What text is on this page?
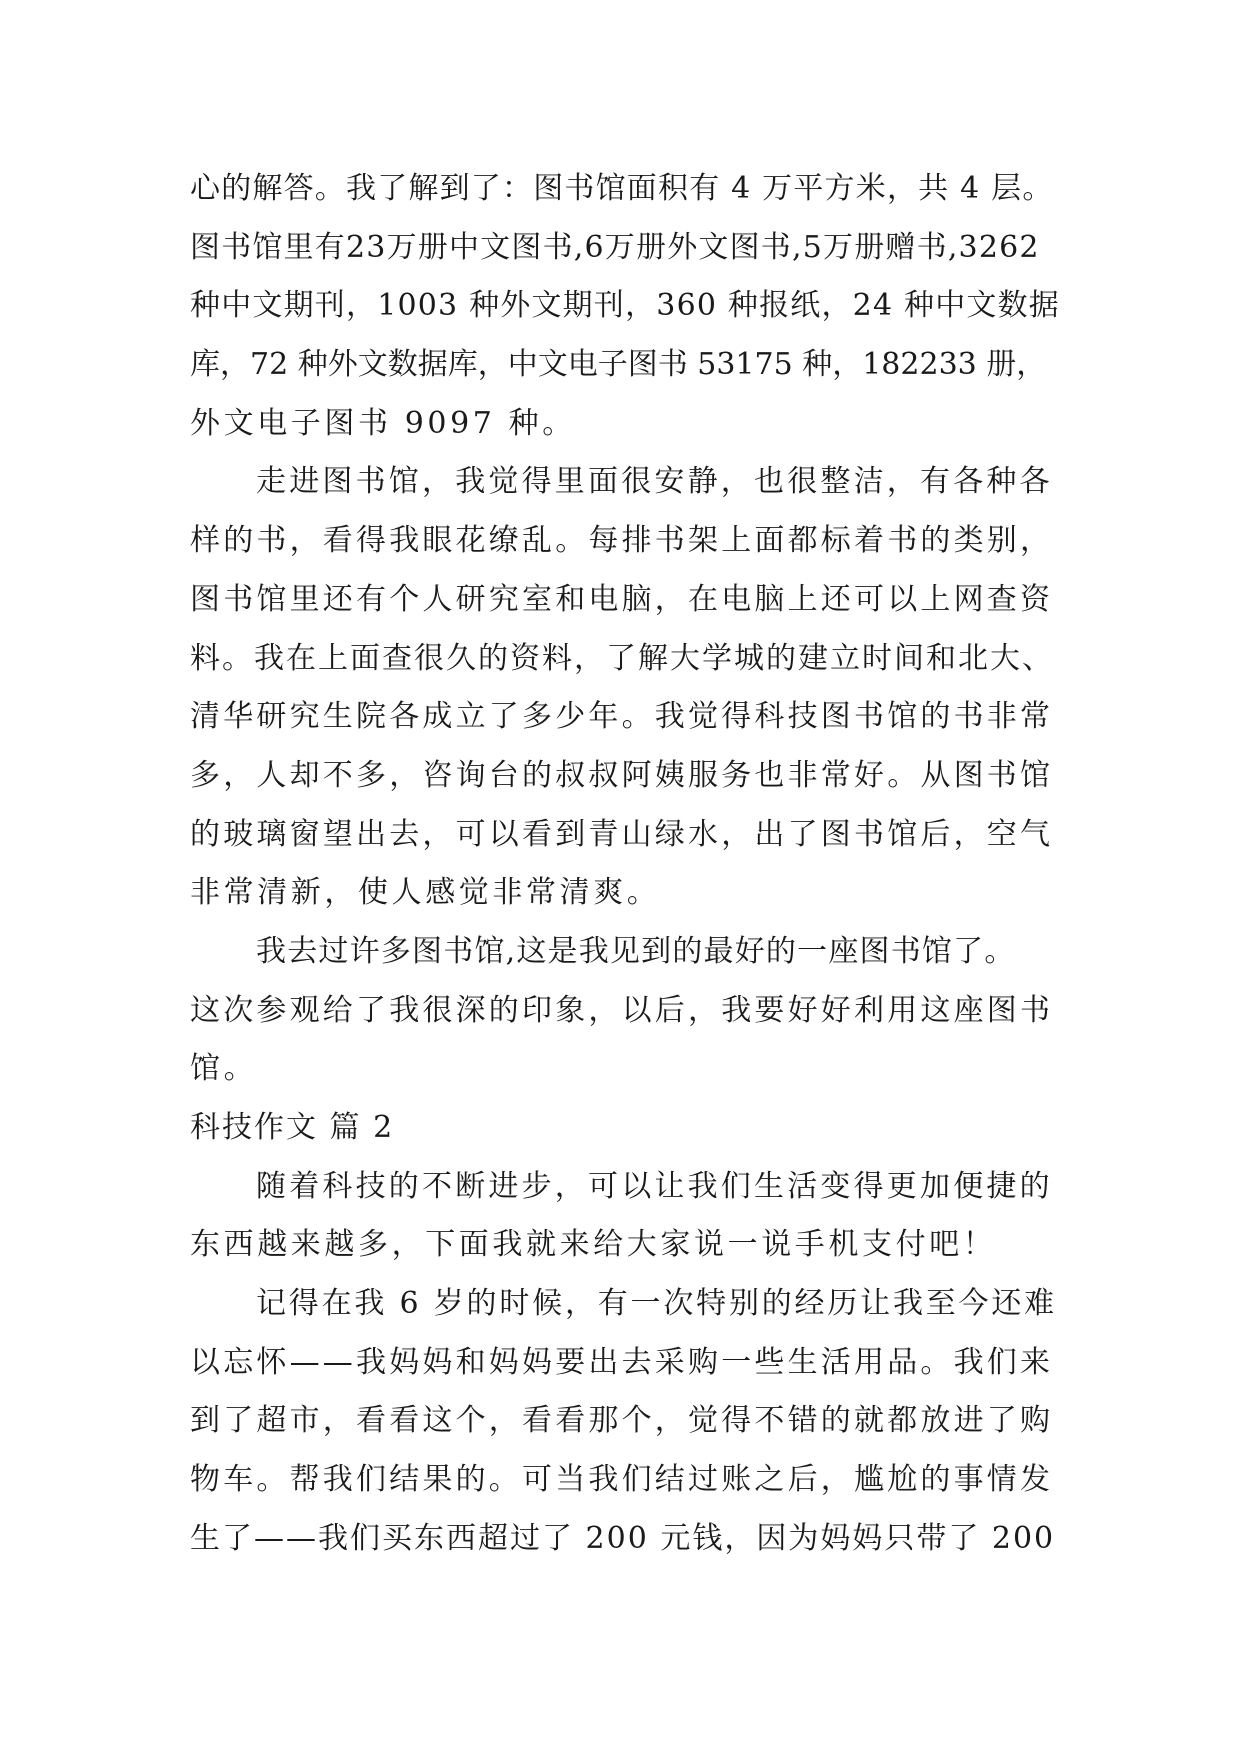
心的解答。我了解到了：图书馆面积有 4 万平方米，共 4 层。
图书馆里有23万册中文图书,6万册外文图书,5万册赠书,3262
种中文期刊，1003 种外文期刊，360 种报纸，24 种中文数据
库，72 种外文数据库，中文电子图书 53175 种，182233 册，
外文电子图书 9097 种。
走进图书馆，我觉得里面很安静，也很整洁，有各种各
样的书，看得我眼花缭乱。每排书架上面都标着书的类别，
图书馆里还有个人研究室和电脑，在电脑上还可以上网查资
料。我在上面查很久的资料，了解大学城的建立时间和北大、
清华研究生院各成立了多少年。我觉得科技图书馆的书非常
多，人却不多，咨询台的叔叔阿姨服务也非常好。从图书馆
的玻璃窗望出去，可以看到青山绿水，出了图书馆后，空气
非常清新，使人感觉非常清爽。
我去过许多图书馆,这是我见到的最好的一座图书馆了。
这次参观给了我很深的印象，以后，我要好好利用这座图书
馆。
科技作文 篇 2
随着科技的不断进步，可以让我们生活变得更加便捷的
东西越来越多，下面我就来给大家说一说手机支付吧！
记得在我 6 岁的时候，有一次特别的经历让我至今还难
以忘怀——我妈妈和妈妈要出去采购一些生活用品。我们来
到了超市，看看这个，看看那个，觉得不错的就都放进了购
物车。帮我们结果的。可当我们结过账之后，尴尬的事情发
生了——我们买东西超过了 200 元钱，因为妈妈只带了 200
